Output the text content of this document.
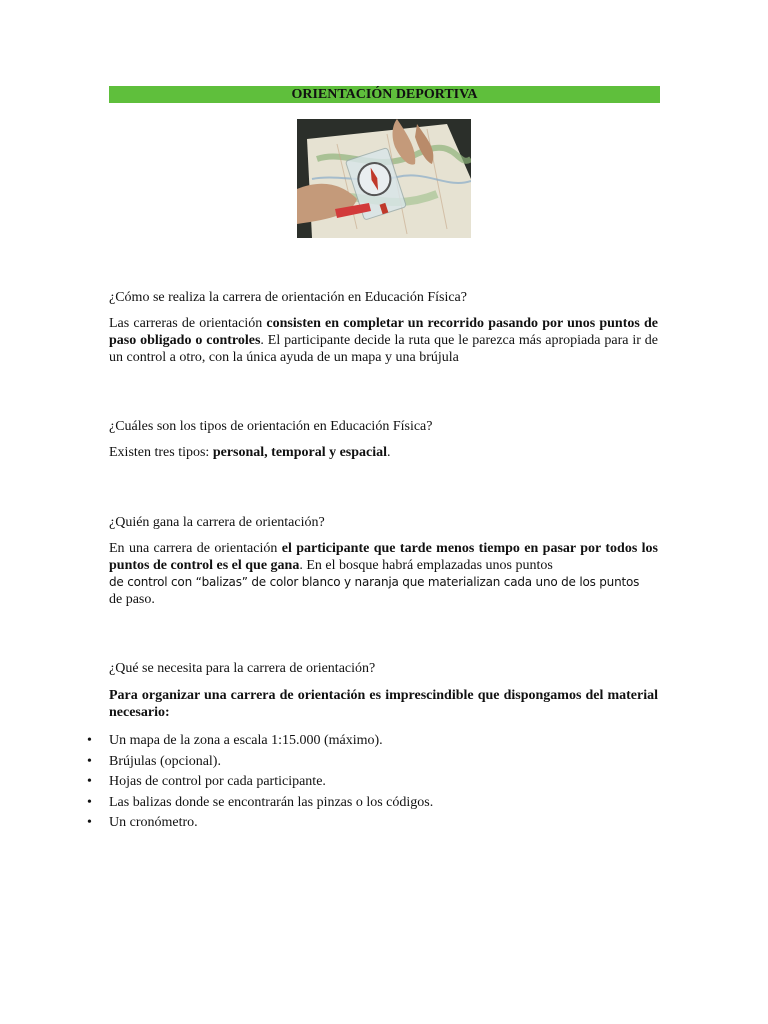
ORIENTACIÓN DEPORTIVA
¿Cómo se realiza la carrera de orientación en Educación Física?
Las carreras de orientación consisten en completar un recorrido pasando por unos puntos de paso obligado o controles. El participante decide la ruta que le parezca más apropiada para ir de un control a otro, con la única ayuda de un mapa y una brújula
¿Cuáles son los tipos de orientación en Educación Física?
Existen tres tipos: personal, temporal y espacial.
¿Quién gana la carrera de orientación?
En una carrera de orientación el participante que tarde menos tiempo en pasar por todos los puntos de control es el que gana. En el bosque habrá emplazadas unos puntos
de control con “balizas” de color blanco y naranja que materializan cada uno de los puntos
de paso.
¿Qué se necesita para la carrera de orientación?
Para organizar una carrera de orientación es imprescindible que dispongamos del material necesario:
• Un mapa de la zona a escala 1:15.000 (máximo).
• Brújulas (opcional).
• Hojas de control por cada participante.
• Las balizas donde se encontrarán las pinzas o los códigos.
• Un cronómetro.
